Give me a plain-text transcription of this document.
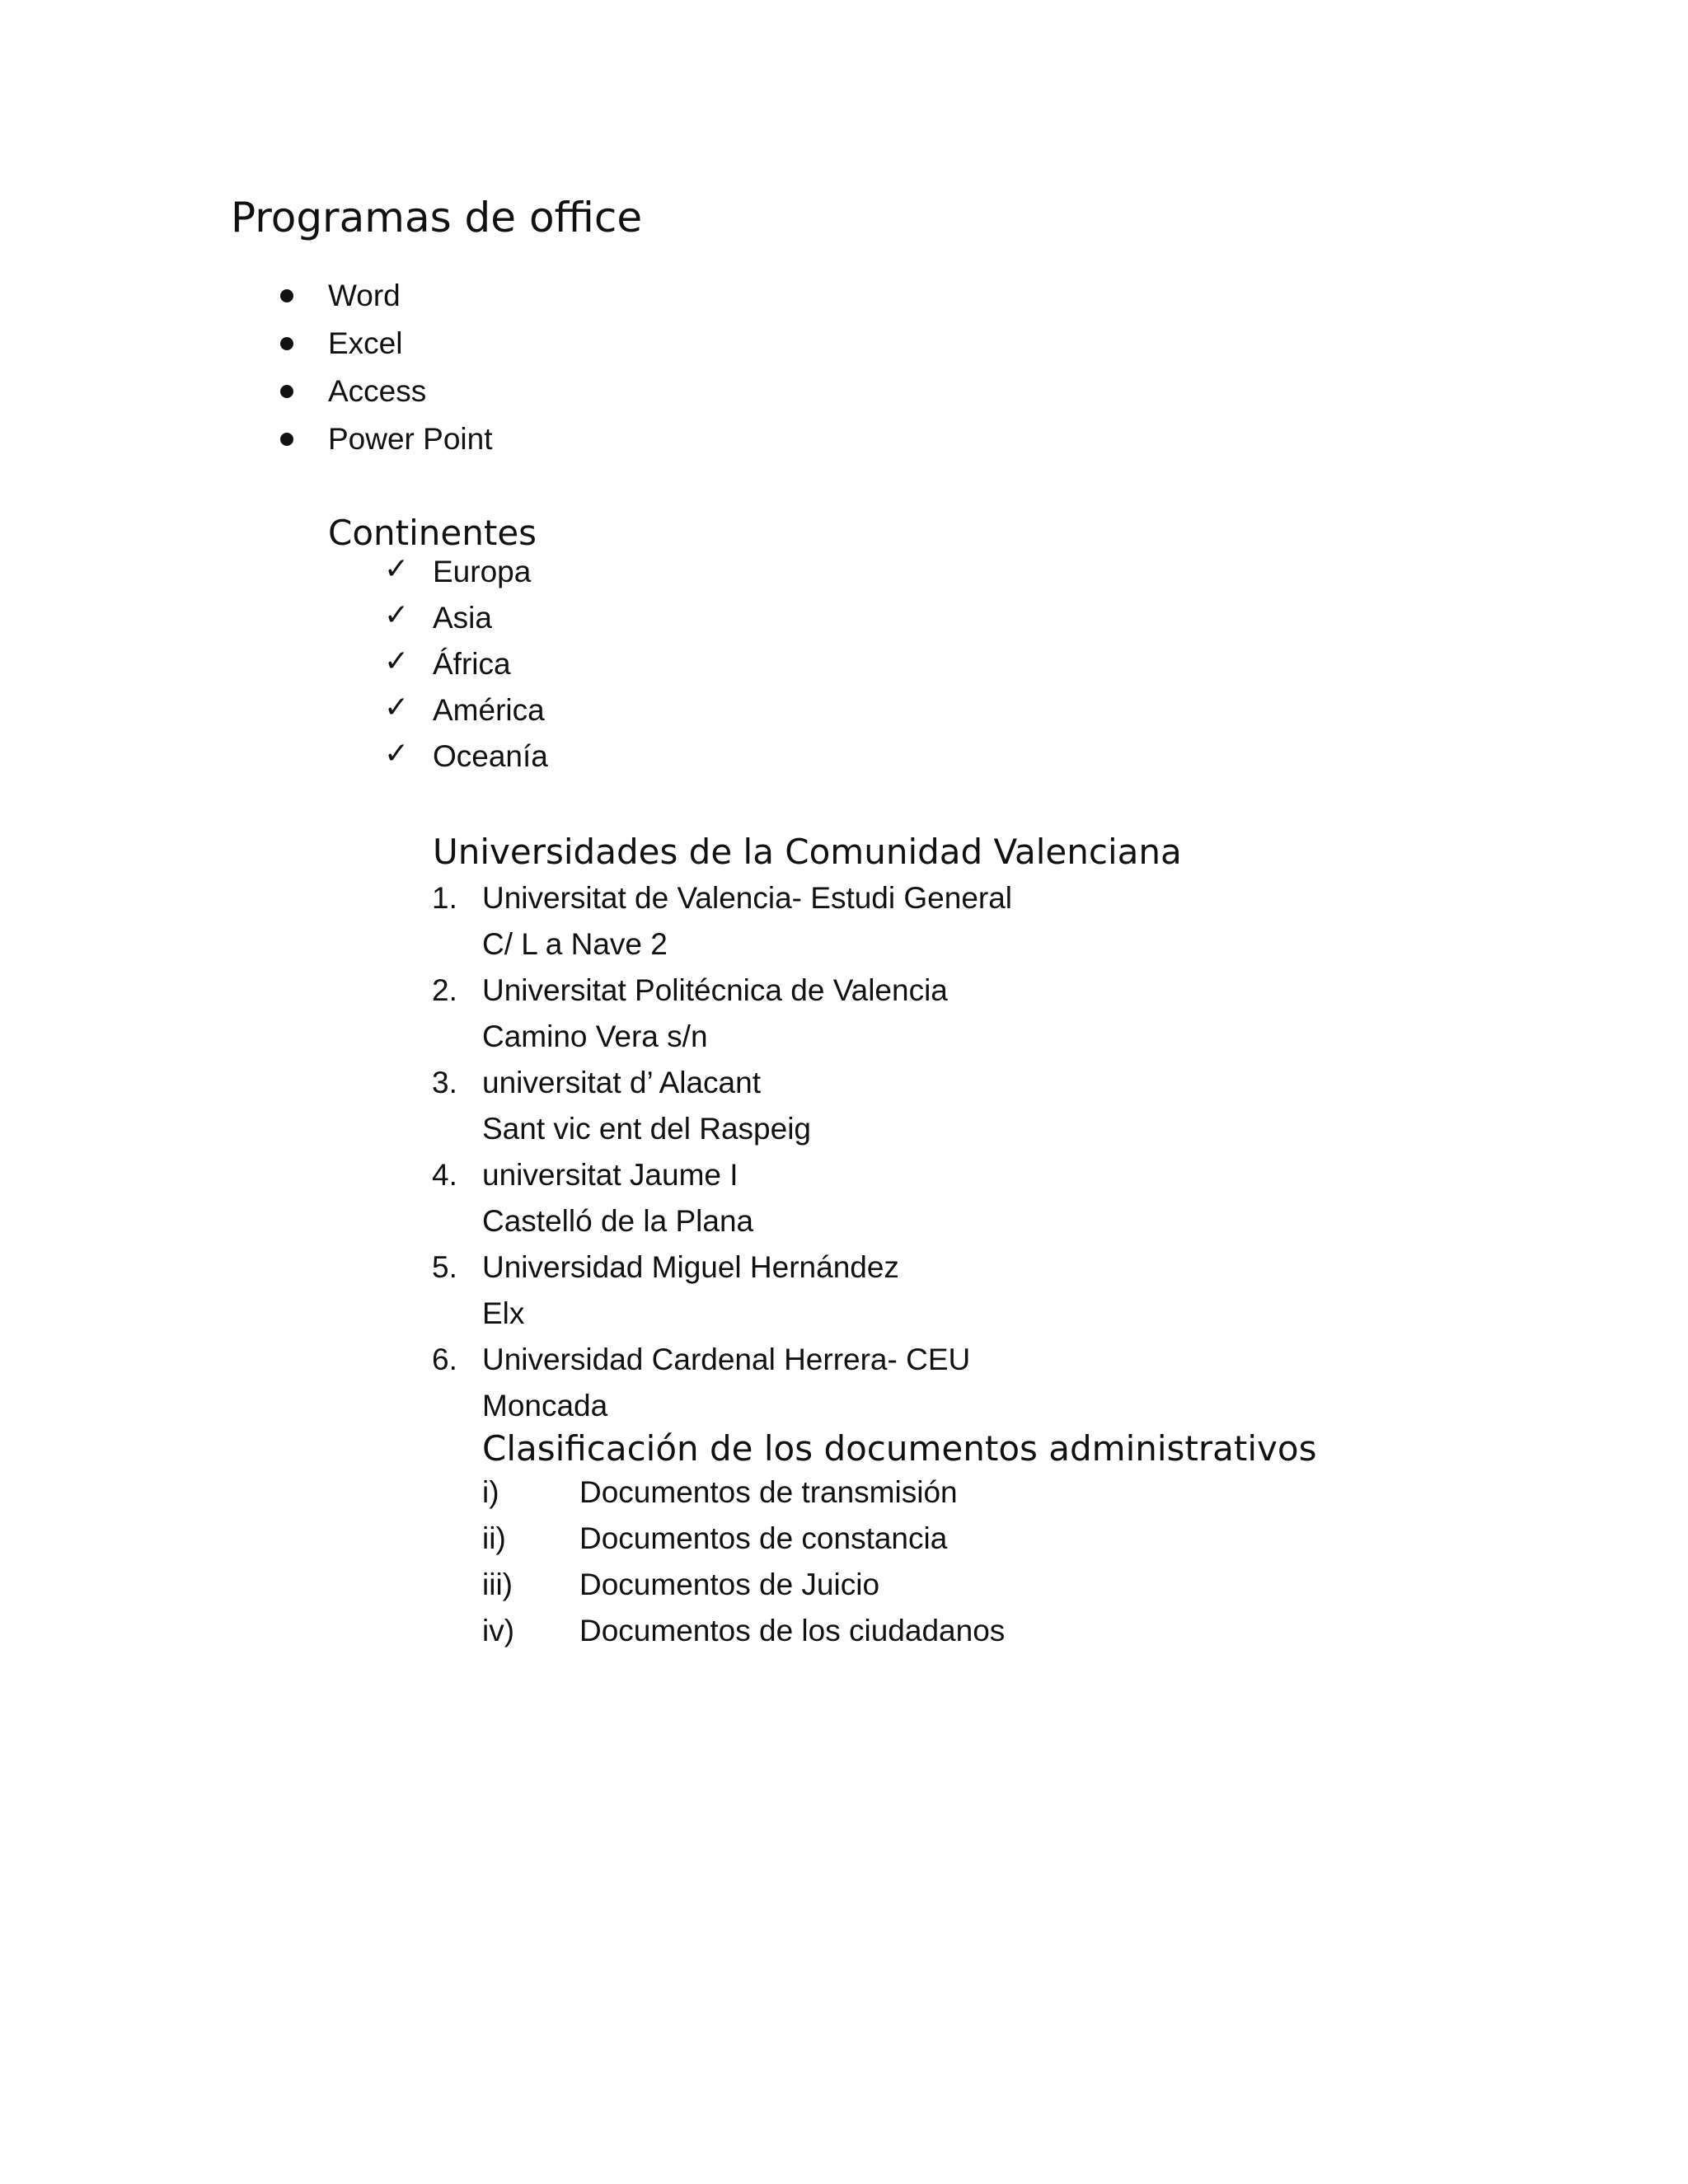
Programas de office
Word
Excel
Access
Power Point
Continentes
✓ Europa
✓ Asia
✓ África
✓ América
✓ Oceanía
Universidades de la Comunidad Valenciana
1. Universitat de Valencia- Estudi General
C/ L a Nave 2
2. Universitat Politécnica de Valencia
Camino Vera s/n
3. universitat d’ Alacant
Sant vic ent del Raspeig
4. universitat Jaume I
Castelló de la Plana
5. Universidad Miguel Hernández
Elx
6. Universidad Cardenal Herrera- CEU
Moncada
Clasificación de los documentos administrativos
i)	Documentos de transmisión
ii) Documentos de constancia
iii) Documentos de Juicio
iv) Documentos de los ciudadanos
